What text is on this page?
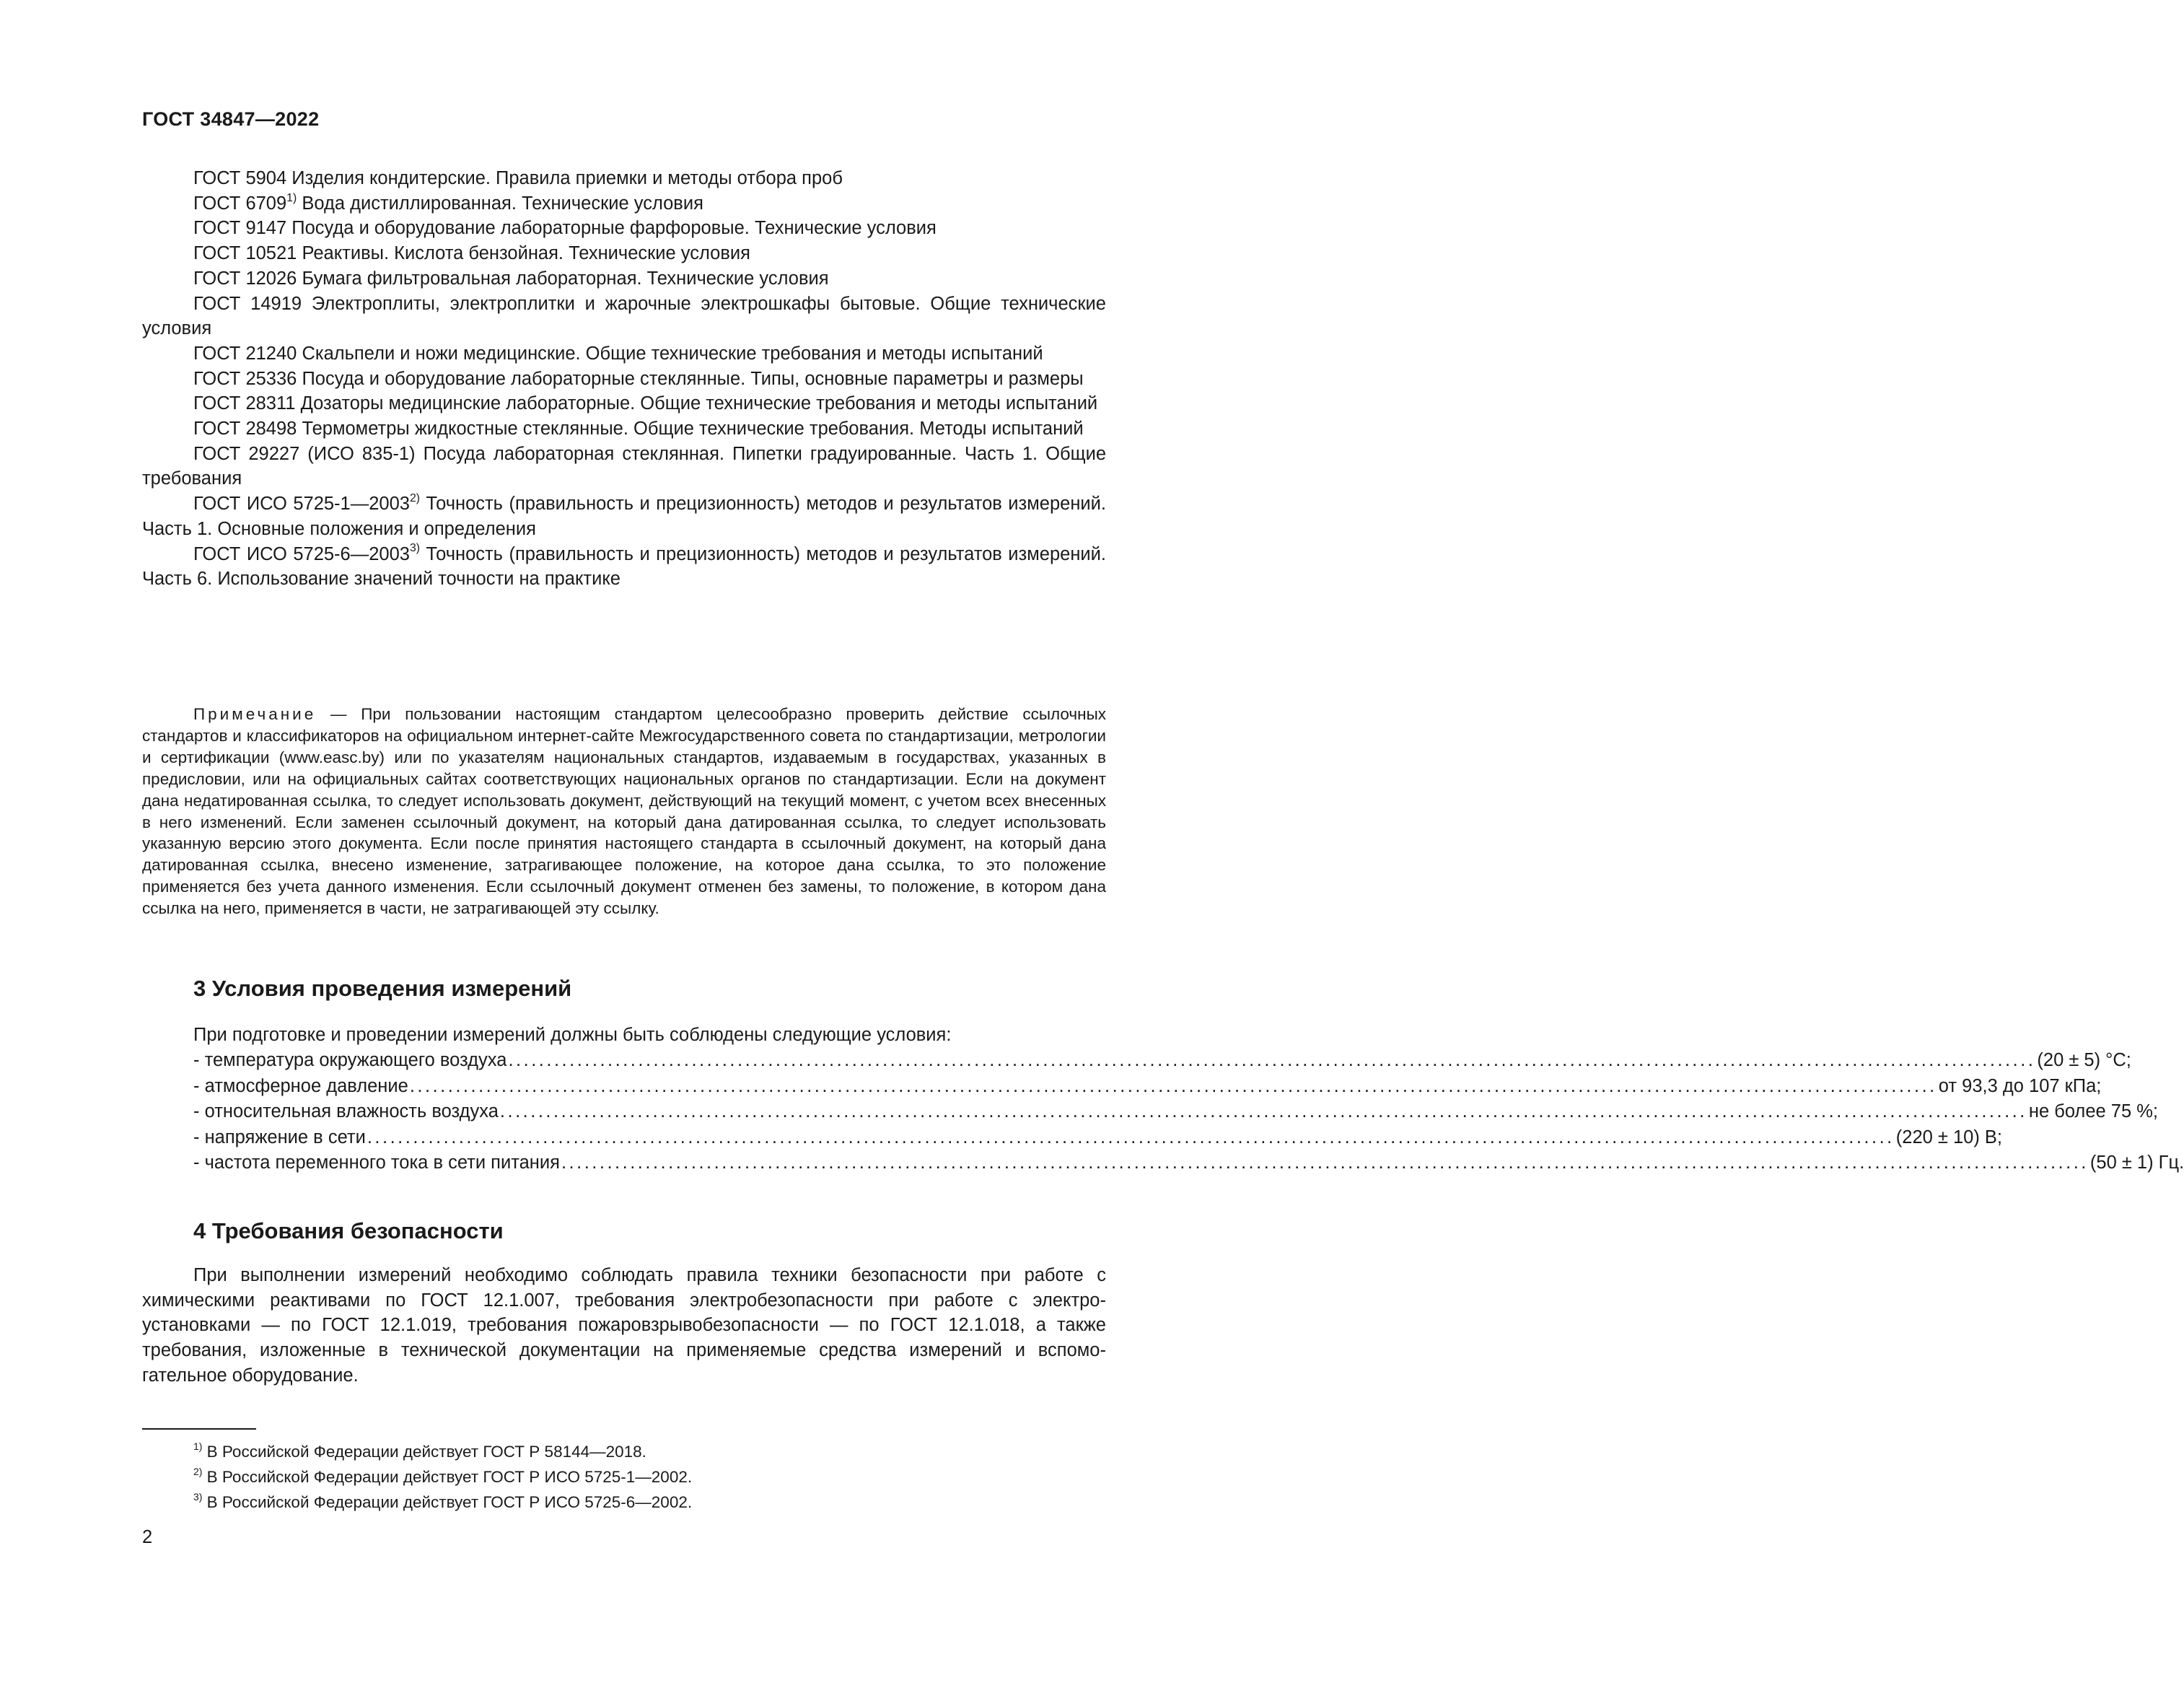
ГОСТ 34847—2022

ГОСТ 5904 Изделия кондитерские. Правила приемки и методы отбора проб

ГОСТ 6709$^{1)}$ Вода дистиллированная. Технические условия

ГОСТ 9147 Посуда и оборудование лабораторные фарфоровые. Технические условия

ГОСТ 10521 Реактивы. Кислота бензойная. Технические условия

ГОСТ 12026 Бумага фильтровальная лабораторная. Технические условия

ГОСТ 14919 Электроплиты, электроплитки и жарочные электрошкафы бытовые. Общие технические условия

ГОСТ 21240 Скальпели и ножи медицинские. Общие технические требования и методы испытаний

ГОСТ 25336 Посуда и оборудование лабораторные стеклянные. Типы, основные параметры и размеры

ГОСТ 28311 Дозаторы медицинские лабораторные. Общие технические требования и методы испытаний

ГОСТ 28498 Термометры жидкостные стеклянные. Общие технические требования. Методы испытаний

ГОСТ 29227 (ИСО 835-1) Посуда лабораторная стеклянная. Пипетки градуированные. Часть 1. Общие требования

ГОСТ ИСО 5725-1—2003$^{2)}$ Точность (правильность и прецизионность) методов и результатов измерений. Часть 1. Основные положения и определения

ГОСТ ИСО 5725-6—2003$^{3)}$ Точность (правильность и прецизионность) методов и результатов измерений. Часть 6. Использование значений точности на практике

Примечание — При пользовании настоящим стандартом целесообразно проверить действие ссылочных стандартов и классификаторов на официальном интернет-сайте Межгосударственного совета по стандартизации, метрологии и сертификации (www.easc.by) или по указателям национальных стандартов, издаваемым в государствах, указанных в предисловии, или на официальных сайтах соответствующих национальных органов по стандартизации. Если на документ дана недатированная ссылка, то следует использовать документ, действующий на текущий момент, с учетом всех внесенных в него изменений. Если заменен ссылочный документ, на который дана датированная ссылка, то следует использовать указанную версию этого документа. Если после принятия настоящего стандарта в ссылочный документ, на который дана датированная ссылка, внесено изменение, затрагивающее положение, на которое дана ссылка, то это положение применяется без учета данного изменения. Если ссылочный документ отменен без замены, то положение, в котором дана ссылка на него, применяется в части, не затрагивающей эту ссылку.

3 Условия проведения измерений

При подготовке и проведении измерений должны быть соблюдены следующие условия:

- температура окружающего воздуха ........................................................................................................................................................................................................ (20 ± 5) °С;
- атмосферное давление ........................................................................................................................................................................................................ от 93,3 до 107 кПа;
- относительная влажность воздуха ........................................................................................................................................................................................................ не более 75 %;
- напряжение в сети ........................................................................................................................................................................................................ (220 ± 10) В;
- частота переменного тока в сети питания ........................................................................................................................................................................................................ (50 ± 1) Гц.
4 Требования безопасности

При выполнении измерений необходимо соблюдать правила техники безопасности при работе с химическими реактивами по ГОСТ 12.1.007, требования электробезопасности при работе с электроустановками — по ГОСТ 12.1.019, требования пожаровзрывобезопасности — по ГОСТ 12.1.018, а также требования, изложенные в технической документации на применяемые средства измерений и вспомогательное оборудование.

$^{1)}$ В Российской Федерации действует ГОСТ Р 58144—2018.

$^{2)}$ В Российской Федерации действует ГОСТ Р ИСО 5725-1—2002.

$^{3)}$ В Российской Федерации действует ГОСТ Р ИСО 5725-6—2002.

2
